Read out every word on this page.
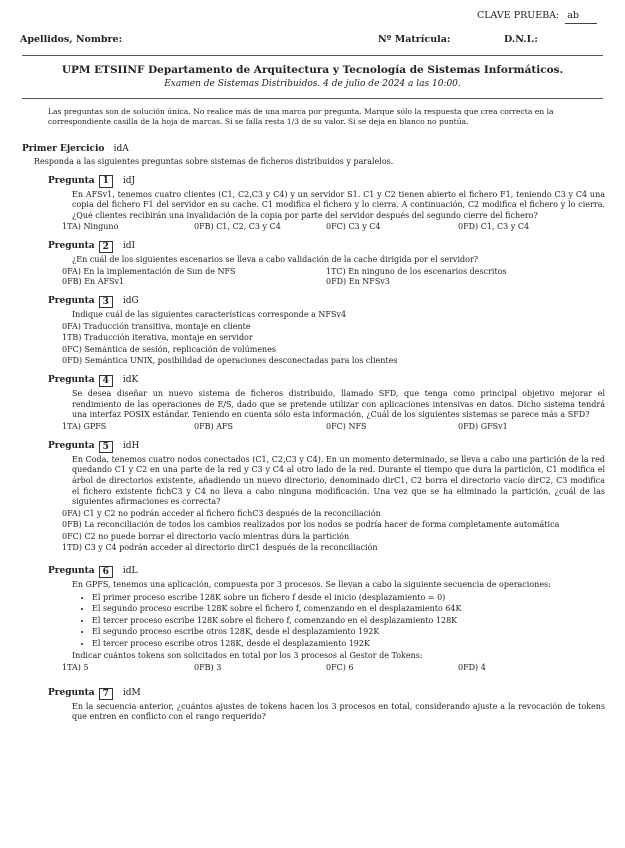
CLAVE PRUEBA: ab
Apellidos, Nombre:	Nº Matrícula:	D.N.I.:
UPM ETSIINF Departamento de Arquitectura y Tecnología de Sistemas Informáticos.
Examen de Sistemas Distribuidos. 4 de julio de 2024 a las 10:00.
Las preguntas son de solución única. No realice más de una marca por pregunta. Marque sólo la respuesta que crea correcta en la correspondiente casilla de la hoja de marcas. Si se falla resta 1/3 de su valor. Si se deja en blanco no puntúa.
Primer Ejercicio idA
Responda a las siguientes preguntas sobre sistemas de ficheros distribuidos y paralelos.
Pregunta 1	idJ
En AFSv1, tenemos cuatro clientes (C1, C2,C3 y C4) y un servidor S1. C1 y C2 tienen abierto el fichero F1, teniendo C3 y C4 una copia del fichero F1 del servidor en su cache. C1 modifica el fichero y lo cierra. A continuación, C2 modifica el fichero y lo cierra. ¿Qué clientes recibirán una invalidación de la copia por parte del servidor después del segundo cierre del fichero?
1TA) Ninguno	0FB) C1, C2, C3 y C4	0FC) C3 y C4	0FD) C1, C3 y C4
Pregunta 2	idI
¿En cuál de los siguientes escenarios se lleva a cabo validación de la cache dirigida por el servidor?
0FA) En la implementación de Sun de NFS	1TC) En ninguno de los escenarios descritos
0FB) En AFSv1	0FD) En NFSv3
Pregunta 3	idG
Indique cuál de las siguientes características corresponde a NFSv4
0FA) Traducción transitiva, montaje en cliente
1TB) Traducción iterativa, montaje en servidor
0FC) Semántica de sesión, replicación de volúmenes
0FD) Semántica UNIX, posibilidad de operaciones desconectadas para los clientes
Pregunta 4	idK
Se desea diseñar un nuevo sistema de ficheros distribuido, llamado SFD, que tenga como principal objetivo mejorar el rendimiento de las operaciones de E/S, dado que se pretende utilizar con aplicaciones intensivas en datos. Dicho sistema tendrá una interfaz POSIX estándar. Teniendo en cuenta sólo esta información, ¿Cuál de los siguientes sistemas se parece más a SFD?
1TA) GPFS	0FB) AFS	0FC) NFS	0FD) GFSv1
Pregunta 5	idH
En Coda, tenemos cuatro nodos conectados (C1, C2,C3 y C4). En un momento determinado, se lleva a cabo una partición de la red quedando C1 y C2 en una parte de la red y C3 y C4 al otro lado de la red. Durante el tiempo que dura la partición, C1 modifica el árbol de directorios existente, añadiendo un nuevo directorio, denominado dirC1, C2 borra el directorio vacío dirC2, C3 modifica el fichero existente fichC3 y C4 no lleva a cabo ninguna modificación. Una vez que se ha eliminado la partición, ¿cuál de las siguientes afirmaciones es correcta?
0FA) C1 y C2 no podrán acceder al fichero fichC3 después de la reconciliación
0FB) La reconciliación de todos los cambios realizados por los nodos se podría hacer de forma completamente automática
0FC) C2 no puede borrar el directorio vacío mientras dura la partición
1TD) C3 y C4 podrán acceder al directorio dirC1 después de la reconciliación
Pregunta 6	idL
En GPFS, tenemos una aplicación, compuesta por 3 procesos. Se llevan a cabo la siguiente secuencia de operaciones:
• El primer proceso escribe 128K sobre un fichero f desde el inicio (desplazamiento = 0)
• El segundo proceso escribe 128K sobre el fichero f, comenzando en el desplazamiento 64K
• El tercer proceso escribe 128K sobre el fichero f, comenzando en el desplazamiento 128K
• El segundo proceso escribe otros 128K, desde el desplazamiento 192K
• El tercer proceso escribe otros 128K, desde el desplazamiento 192K
Indicar cuántos tokens son solicitados en total por los 3 procesos al Gestor de Tokens:
1TA) 5	0FB) 3	0FC) 6	0FD) 4
Pregunta 7	idM
En la secuencia anterior, ¿cuántos ajustes de tokens hacen los 3 procesos en total, considerando ajuste a la revocación de tokens que entren en conflicto con el rango requerido?
